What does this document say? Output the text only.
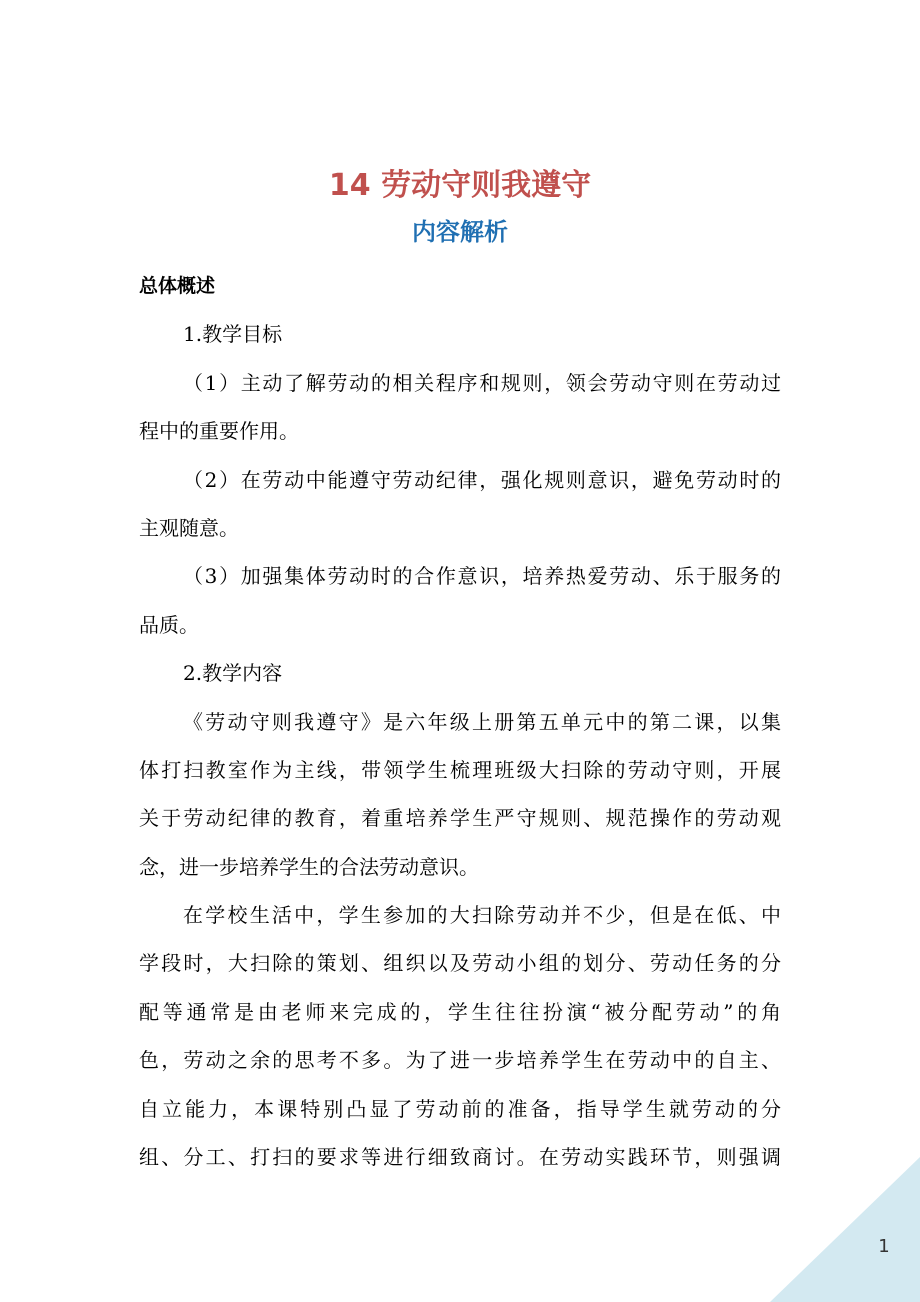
14 劳动守则我遵守
内容解析
总体概述
1.教学目标
（1）主动了解劳动的相关程序和规则，领会劳动守则在劳动过
程中的重要作用。
（2）在劳动中能遵守劳动纪律，强化规则意识，避免劳动时的
主观随意。
（3）加强集体劳动时的合作意识，培养热爱劳动、乐于服务的
品质。
2.教学内容
《劳动守则我遵守》是六年级上册第五单元中的第二课，以集
体打扫教室作为主线，带领学生梳理班级大扫除的劳动守则，开展
关于劳动纪律的教育，着重培养学生严守规则、规范操作的劳动观
念，进一步培养学生的合法劳动意识。
在学校生活中，学生参加的大扫除劳动并不少，但是在低、中
学段时，大扫除的策划、组织以及劳动小组的划分、劳动任务的分
配等通常是由老师来完成的，学生往往扮演“被分配劳动”的角
色，劳动之余的思考不多。为了进一步培养学生在劳动中的自主、
自立能力，本课特别凸显了劳动前的准备，指导学生就劳动的分
组、分工、打扫的要求等进行细致商讨。在劳动实践环节，则强调
1
